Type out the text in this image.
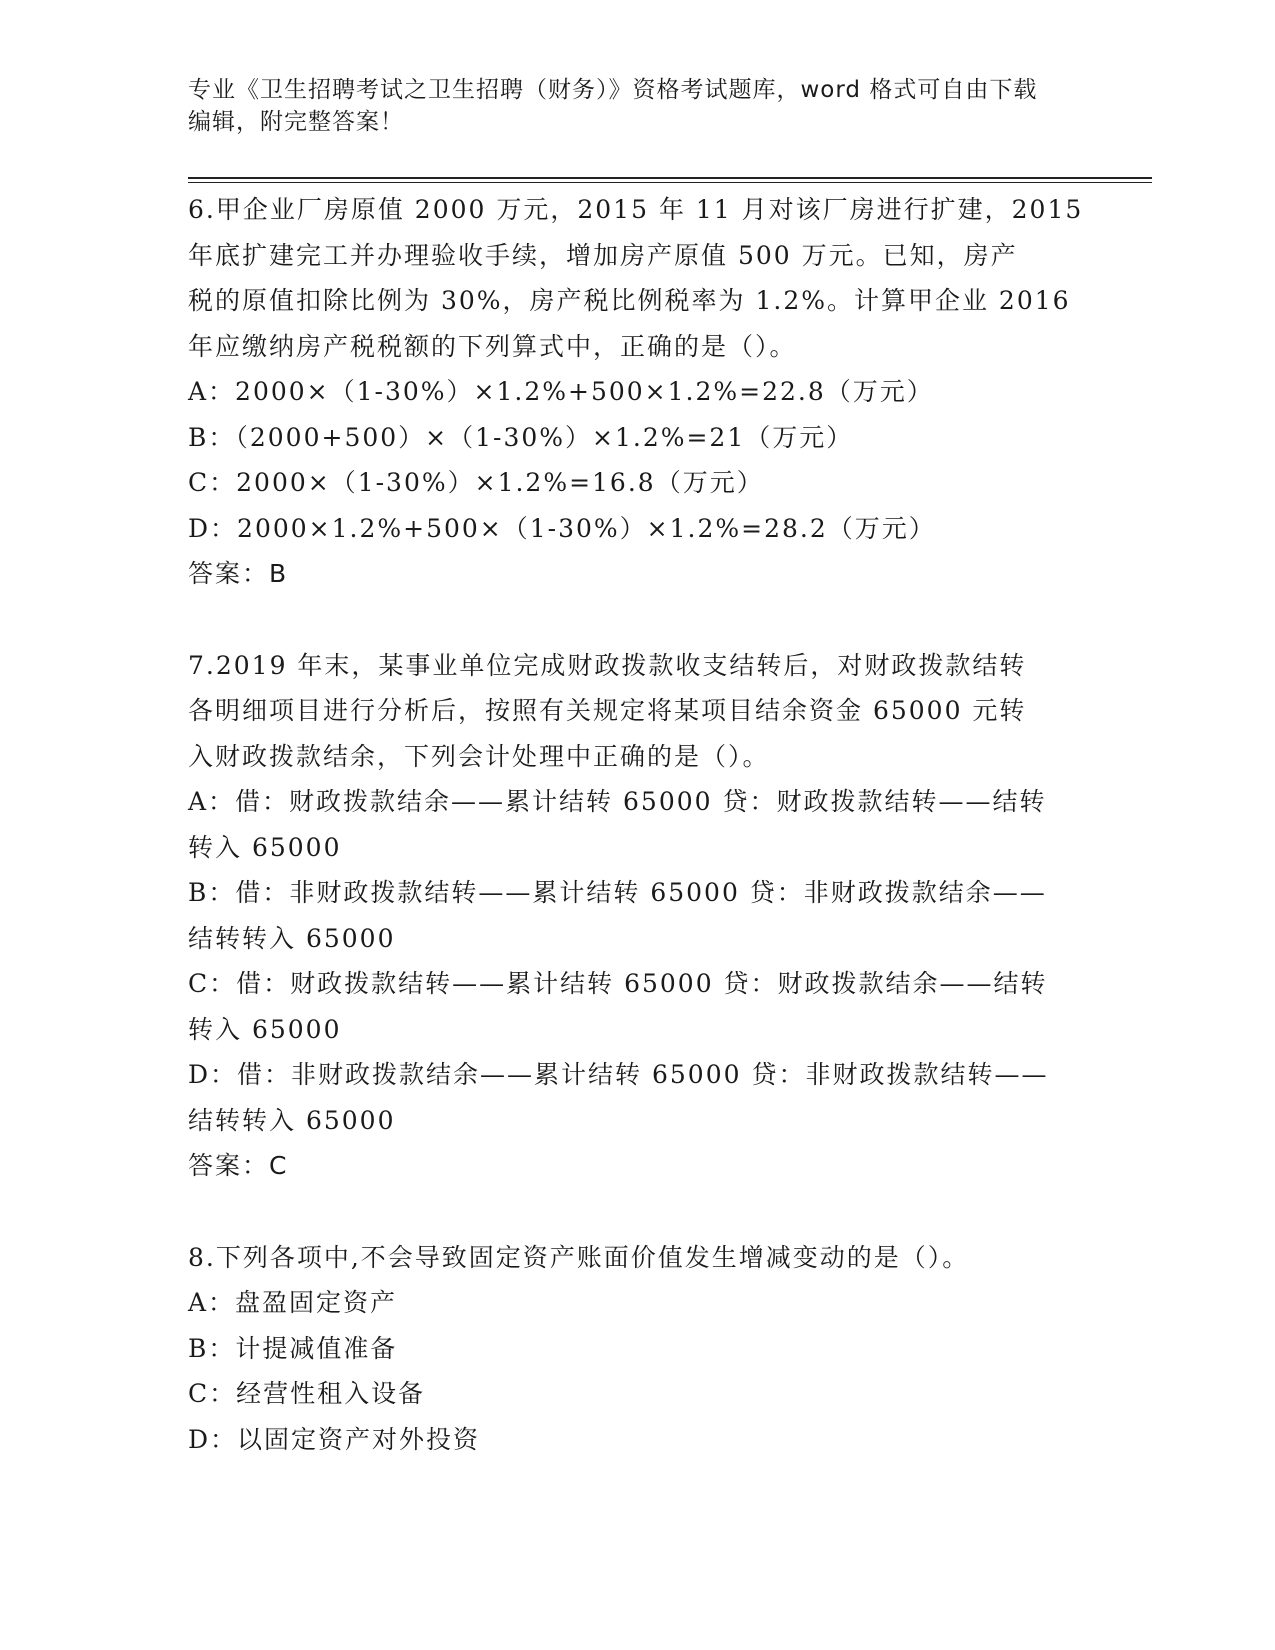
专业《卫生招聘考试之卫生招聘（财务）》资格考试题库，word 格式可自由下载
编辑，附完整答案！
6.甲企业厂房原值 2000 万元，2015 年 11 月对该厂房进行扩建，2015
年底扩建完工并办理验收手续，增加房产原值 500 万元。已知，房产
税的原值扣除比例为 30%，房产税比例税率为 1.2%。计算甲企业 2016
年应缴纳房产税税额的下列算式中，正确的是（）。
A：2000×（1-30%）×1.2%+500×1.2%=22.8（万元）
B：（2000+500）×（1-30%）×1.2%=21（万元）
C：2000×（1-30%）×1.2%=16.8（万元）
D：2000×1.2%+500×（1-30%）×1.2%=28.2（万元）
答案：B
7.2019 年末，某事业单位完成财政拨款收支结转后，对财政拨款结转
各明细项目进行分析后，按照有关规定将某项目结余资金 65000 元转
入财政拨款结余，下列会计处理中正确的是（）。
A：借：财政拨款结余——累计结转 65000 贷：财政拨款结转——结转
转入 65000
B：借：非财政拨款结转——累计结转 65000 贷：非财政拨款结余——
结转转入 65000
C：借：财政拨款结转——累计结转 65000 贷：财政拨款结余——结转
转入 65000
D：借：非财政拨款结余——累计结转 65000 贷：非财政拨款结转——
结转转入 65000
答案：C
8.下列各项中,不会导致固定资产账面价值发生增减变动的是（）。
A：盘盈固定资产
B：计提减值准备
C：经营性租入设备
D：以固定资产对外投资
